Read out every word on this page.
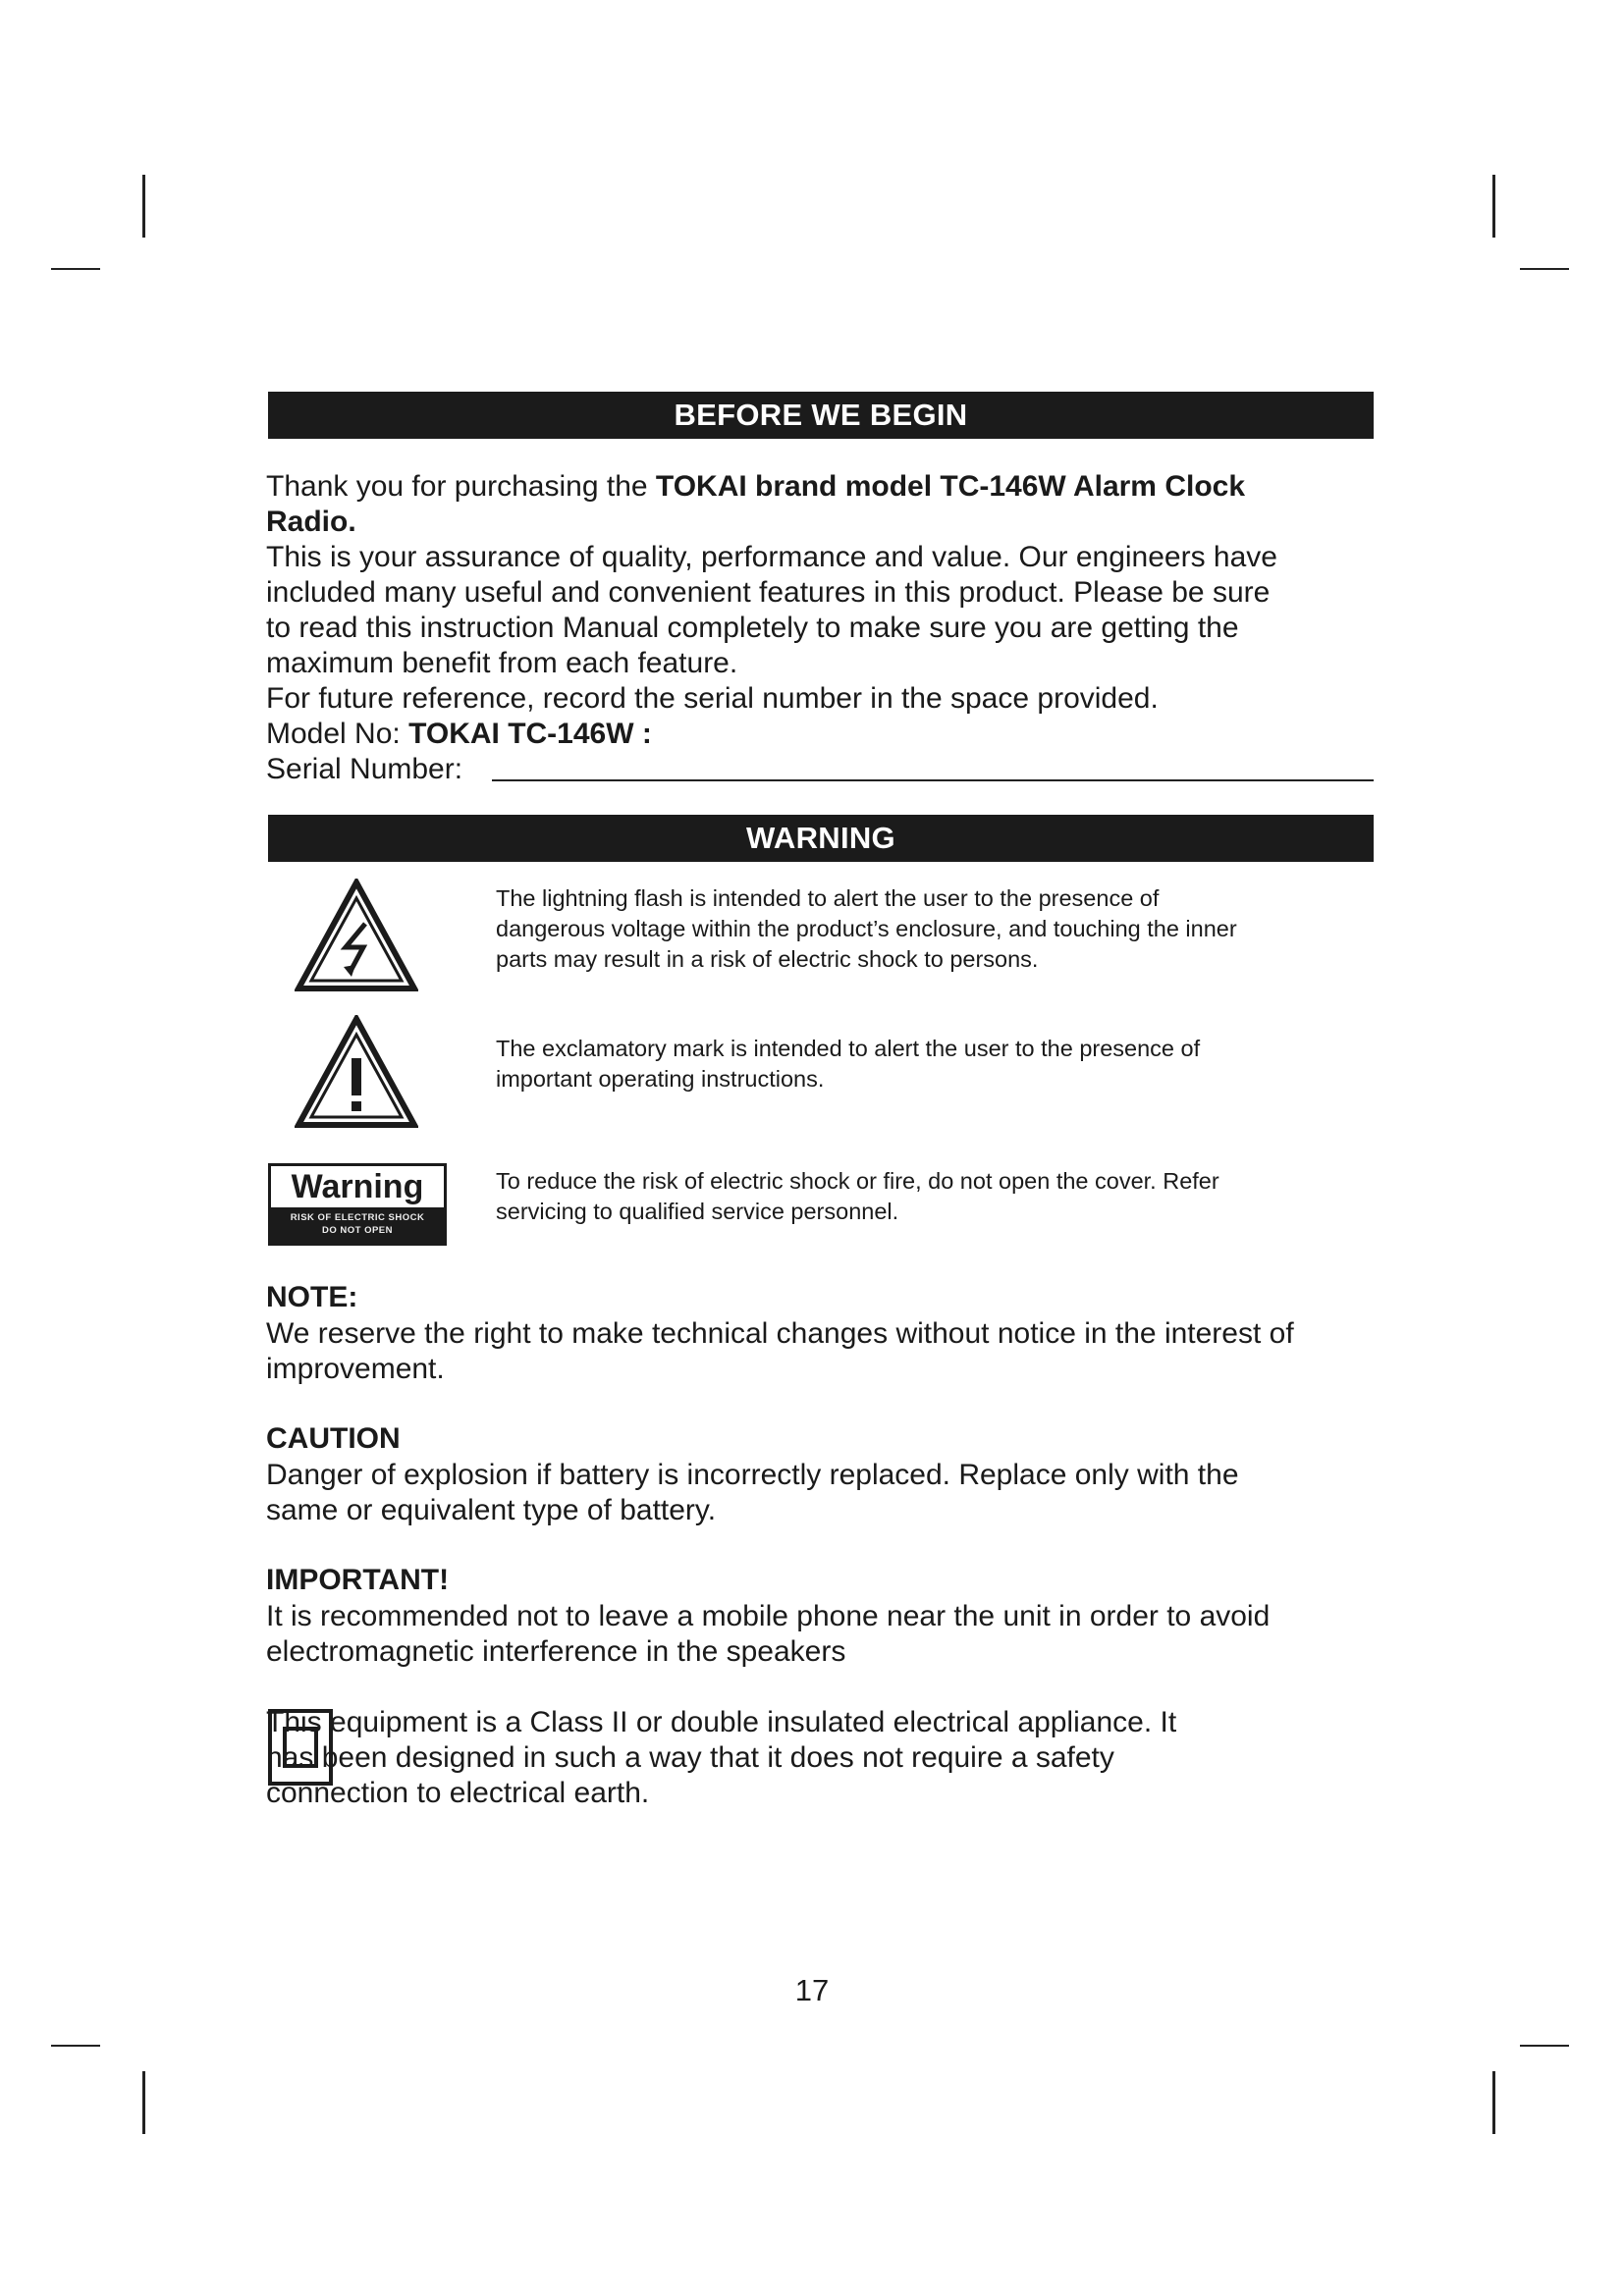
BEFORE WE BEGIN
Thank you for purchasing the TOKAI brand model TC-146W Alarm Clock
Radio.
This is your assurance of quality, performance and value. Our engineers have
included many useful and convenient features in this product. Please be sure
to read this instruction Manual completely to make sure you are getting the
maximum benefit from each feature.
For future reference, record the serial number in the space provided.
Model No: TOKAI TC-146W :
Serial Number:
WARNING
The lightning flash is intended to alert the user to the presence of
dangerous voltage within the product’s enclosure, and touching the inner
parts may result in a risk of electric shock to persons.
The exclamatory mark is intended to alert the user to the presence of
important operating instructions.
Warning
RISK OF ELECTRIC SHOCK
DO NOT OPEN
To reduce the risk of electric shock or fire, do not open the cover. Refer
servicing to qualified service personnel.
NOTE:
We reserve the right to make technical changes without notice in the interest of
improvement.
CAUTION
Danger of explosion if battery is incorrectly replaced. Replace only with the
same or equivalent type of battery.
IMPORTANT!
It is recommended not to leave a mobile phone near the unit in order to avoid
electromagnetic interference in the speakers
This equipment is a Class II or double insulated electrical appliance. It
has been designed in such a way that it does not require a safety
connection to electrical earth.
17
